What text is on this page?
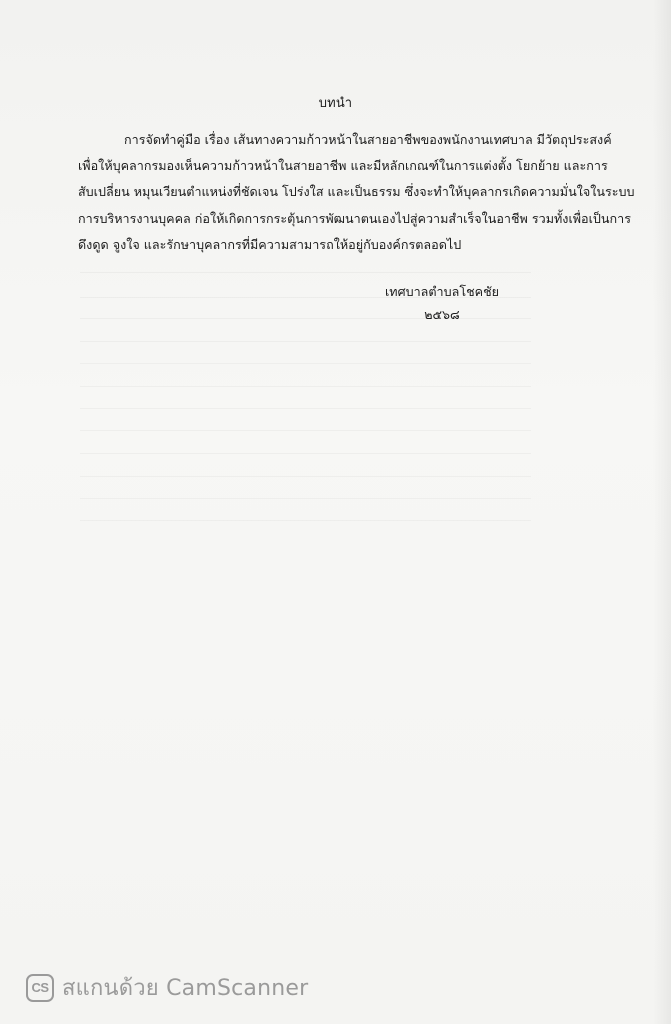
บทนำ
การจัดทำคู่มือ เรื่อง เส้นทางความก้าวหน้าในสายอาชีพของพนักงานเทศบาล มีวัตถุประสงค์
เพื่อให้บุคลากรมองเห็นความก้าวหน้าในสายอาชีพ และมีหลักเกณฑ์ในการแต่งตั้ง โยกย้าย และการ
สับเปลี่ยน หมุนเวียนตำแหน่งที่ชัดเจน โปร่งใส และเป็นธรรม ซึ่งจะทำให้บุคลากรเกิดความมั่นใจในระบบ
การบริหารงานบุคคล ก่อให้เกิดการกระตุ้นการพัฒนาตนเองไปสู่ความสำเร็จในอาชีพ รวมทั้งเพื่อเป็นการ
ดึงดูด จูงใจ และรักษาบุคลากรที่มีความสามารถให้อยู่กับองค์กรตลอดไป
เทศบาลตำบลโชคชัย
๒๕๖๘
CS สแกนด้วย CamScanner
